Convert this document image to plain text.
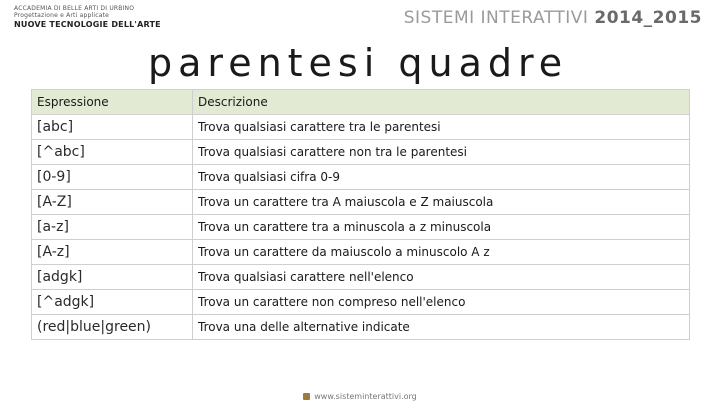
ACCADEMIA DI BELLE ARTI DI URBINO
Progettazione e Arti applicate
NUOVE TECNOLOGIE DELL'ARTE	SISTEMI INTERATTIVI 2014_2015
parentesi quadre
Espressione	Descrizione
[abc]	Trova qualsiasi carattere tra le parentesi
[^abc]	Trova qualsiasi carattere non tra le parentesi
[0-9]	Trova qualsiasi cifra 0-9
[A-Z]	Trova un carattere tra A maiuscola e Z maiuscola
[a-z]	Trova un carattere tra a minuscola a z minuscola
[A-z]	Trova un carattere da maiuscolo a minuscolo A z
[adgk]	Trova qualsiasi carattere nell'elenco
[^adgk]	Trova un carattere non compreso nell'elenco
(red|blue|green)	Trova una delle alternative indicate
www.sisteminterattivi.org
